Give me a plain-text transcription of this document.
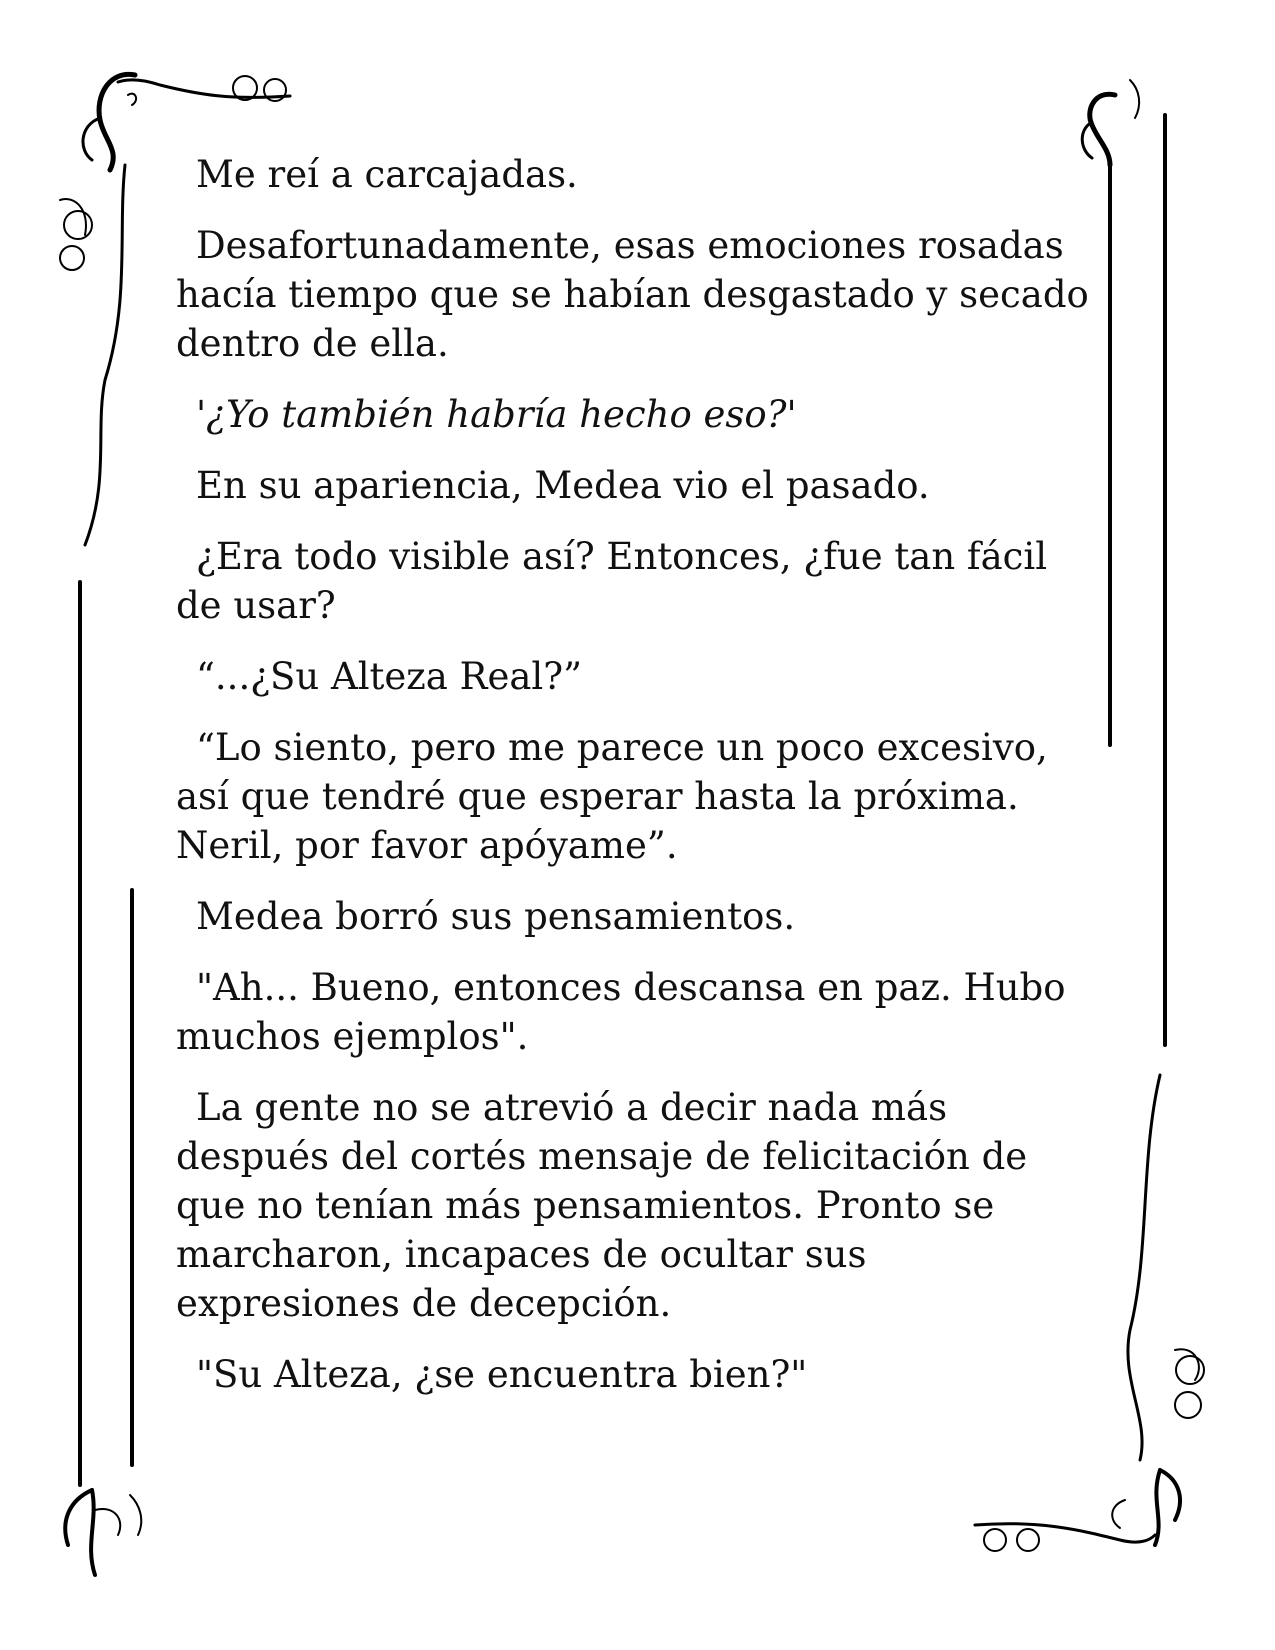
Me reí a carcajadas.

Desafortunadamente, esas emociones rosadas hacía tiempo que se habían desgastado y secado dentro de ella.

'¿Yo también habría hecho eso?'

En su apariencia, Medea vio el pasado.

¿Era todo visible así? Entonces, ¿fue tan fácil de usar?

“...¿Su Alteza Real?”

“Lo siento, pero me parece un poco excesivo, así que tendré que esperar hasta la próxima. Neril, por favor apóyame”.

Medea borró sus pensamientos.

"Ah... Bueno, entonces descansa en paz. Hubo muchos ejemplos".

La gente no se atrevió a decir nada más después del cortés mensaje de felicitación de que no tenían más pensamientos. Pronto se marcharon, incapaces de ocultar sus expresiones de decepción.

"Su Alteza, ¿se encuentra bien?"
